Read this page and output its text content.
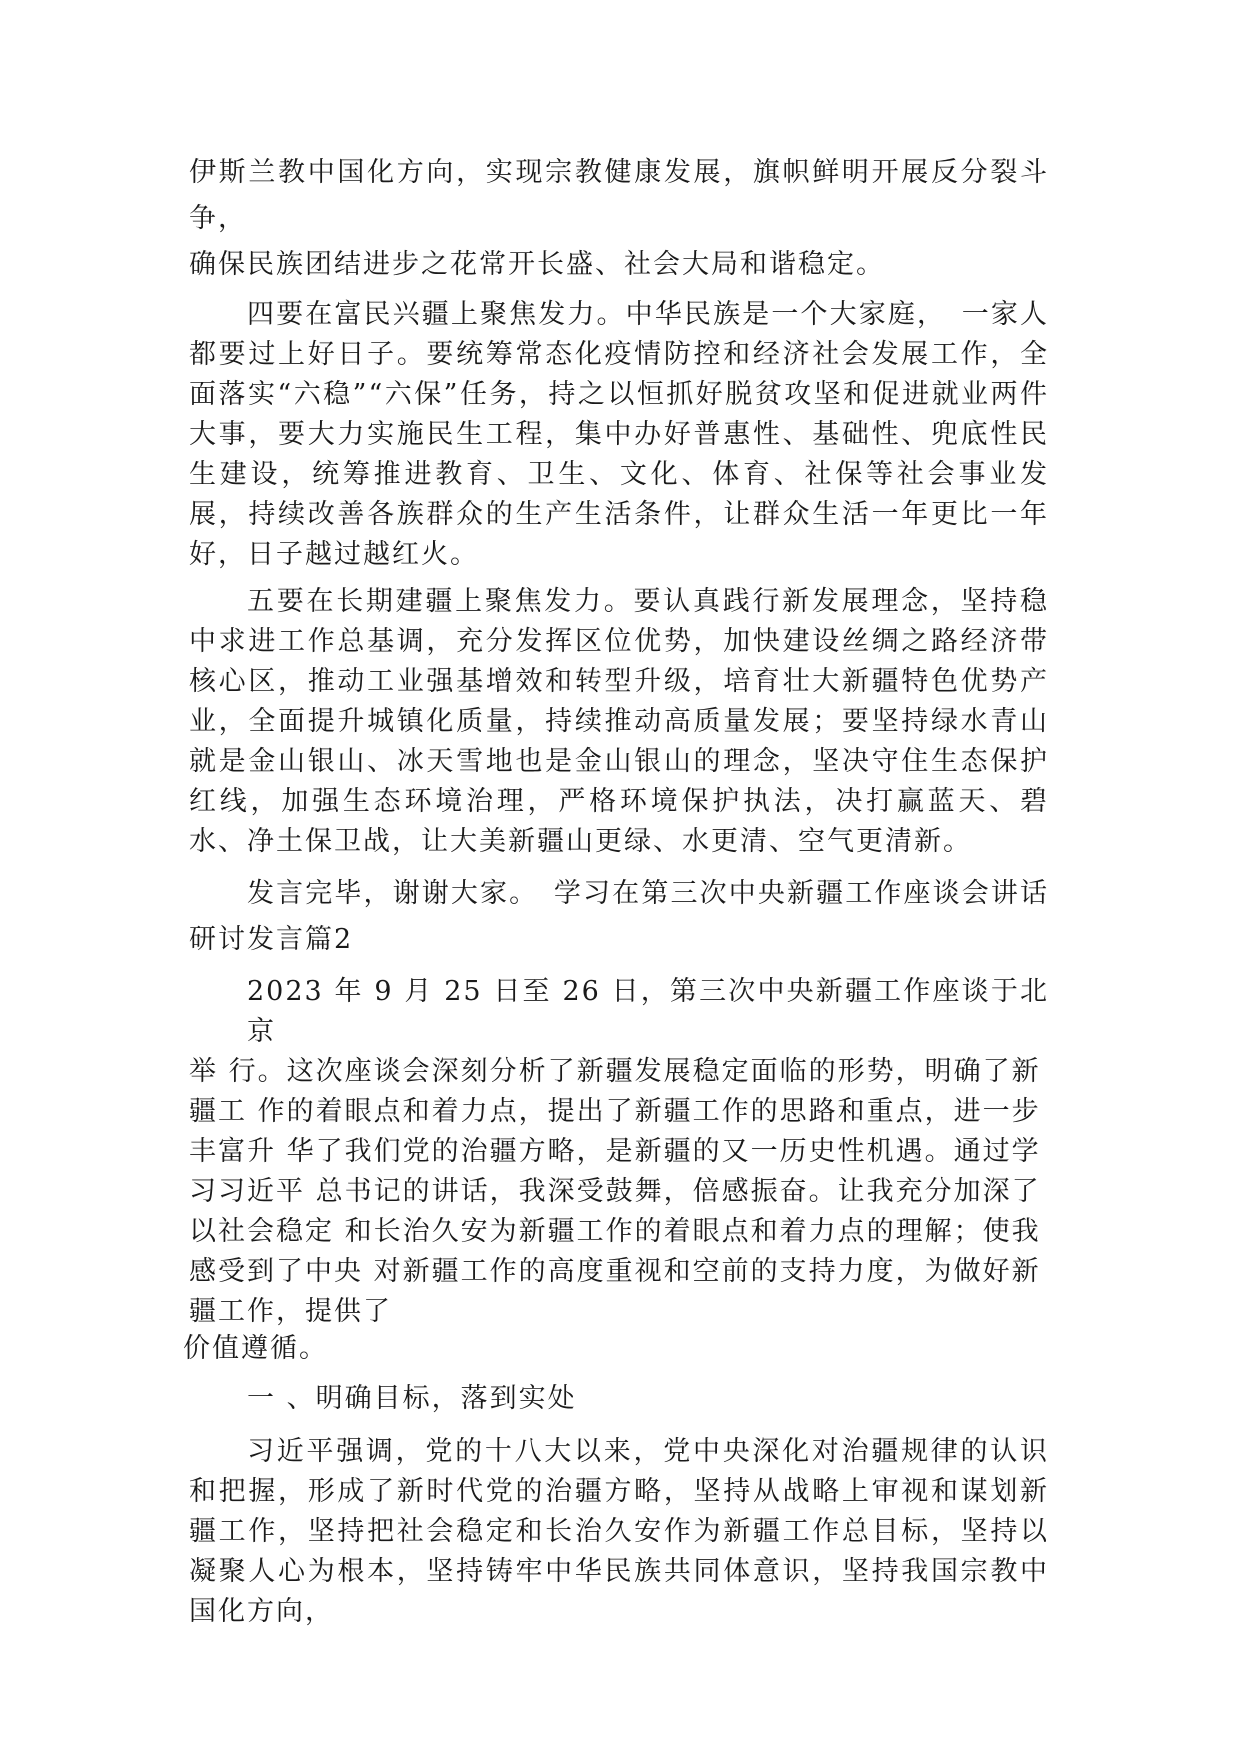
伊斯兰教中国化方向，实现宗教健康发展，旗帜鲜明开展反分裂斗争，
确保民族团结进步之花常开长盛、社会大局和谐稳定。

四要在富民兴疆上聚焦发力。中华民族是一个大家庭，　一家人都要过上好日子。要统筹常态化疫情防控和经济社会发展工作，全面落实“六稳”“六保”任务，持之以恒抓好脱贫攻坚和促进就业两件大事，要大力实施民生工程，集中办好普惠性、基础性、兜底性民生建设，统筹推进教育、卫生、文化、体育、社保等社会事业发展，持续改善各族群众的生产生活条件，让群众生活一年更比一年好，日子越过越红火。

五要在长期建疆上聚焦发力。要认真践行新发展理念，坚持稳中求进工作总基调，充分发挥区位优势，加快建设丝绸之路经济带核心区，推动工业强基增效和转型升级，培育壮大新疆特色优势产业，全面提升城镇化质量，持续推动高质量发展；要坚持绿水青山就是金山银山、冰天雪地也是金山银山的理念，坚决守住生态保护红线，加强生态环境治理，严格环境保护执法，决打赢蓝天、碧水、净土保卫战，让大美新疆山更绿、水更清、空气更清新。

发言完毕，谢谢大家。　学习在第三次中央新疆工作座谈会讲话研讨发言篇2

2023 年 9 月 25 日至 26 日，第三次中央新疆工作座谈于北京
举 行。这次座谈会深刻分析了新疆发展稳定面临的形势，明确了新
疆工 作的着眼点和着力点，提出了新疆工作的思路和重点，进一步
丰富升 华了我们党的治疆方略，是新疆的又一历史性机遇。通过学
习习近平 总书记的讲话，我深受鼓舞，倍感振奋。让我充分加深了
以社会稳定 和长治久安为新疆工作的着眼点和着力点的理解；使我
感受到了中央 对新疆工作的高度重视和空前的支持力度，为做好新
疆工作，提供了
价值遵循。

一 、明确目标，落到实处

习近平强调，党的十八大以来，党中央深化对治疆规律的认识和把握，形成了新时代党的治疆方略，坚持从战略上审视和谋划新疆工作，坚持把社会稳定和长治久安作为新疆工作总目标，坚持以凝聚人心为根本，坚持铸牢中华民族共同体意识，坚持我国宗教中国化方向，
